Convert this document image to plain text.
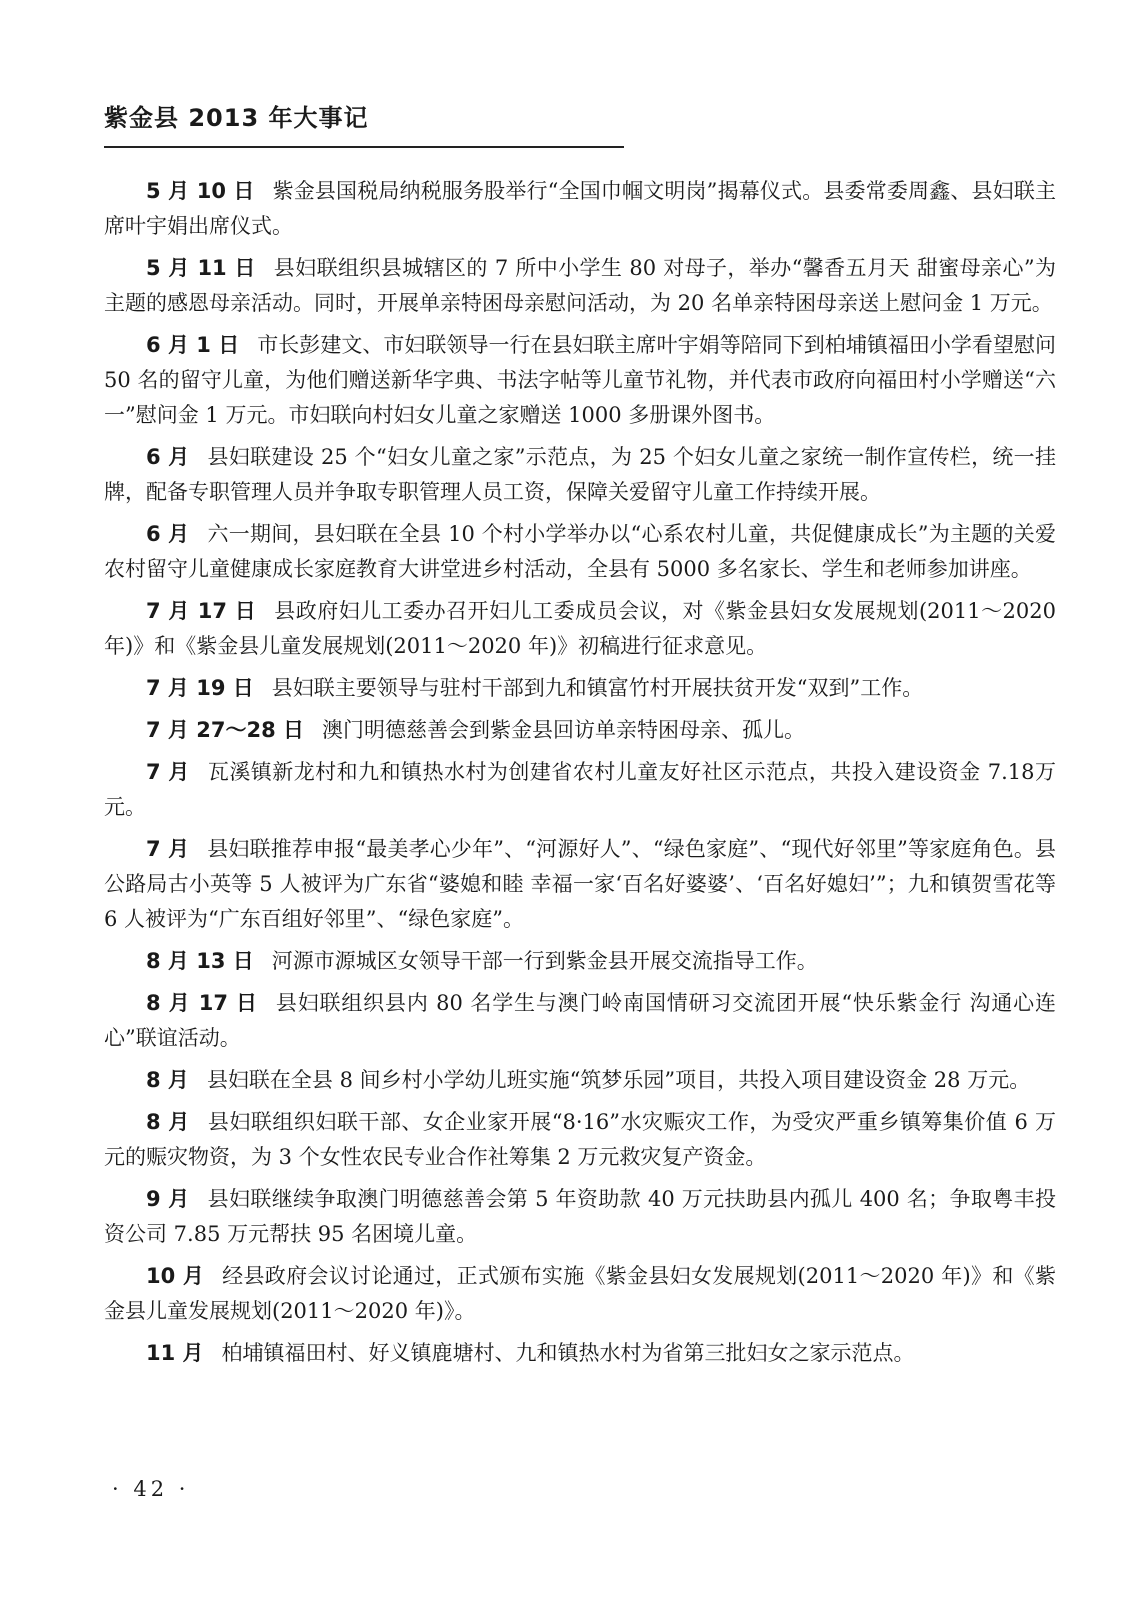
紫金县 2013 年大事记

5 月 10 日 紫金县国税局纳税服务股举行“全国巾帼文明岗”揭幕仪式。县委常委周鑫、县妇联主席叶宇娟出席仪式。

5 月 11 日 县妇联组织县城辖区的 7 所中小学生 80 对母子，举办“馨香五月天 甜蜜母亲心”为主题的感恩母亲活动。同时，开展单亲特困母亲慰问活动，为 20 名单亲特困母亲送上慰问金 1 万元。

6 月 1 日 市长彭建文、市妇联领导一行在县妇联主席叶宇娟等陪同下到柏埔镇福田小学看望慰问 50 名的留守儿童，为他们赠送新华字典、书法字帖等儿童节礼物，并代表市政府向福田村小学赠送“六一”慰问金 1 万元。市妇联向村妇女儿童之家赠送 1000 多册课外图书。

6 月 县妇联建设 25 个“妇女儿童之家”示范点，为 25 个妇女儿童之家统一制作宣传栏，统一挂牌，配备专职管理人员并争取专职管理人员工资，保障关爱留守儿童工作持续开展。

6 月 六一期间，县妇联在全县 10 个村小学举办以“心系农村儿童，共促健康成长”为主题的关爱农村留守儿童健康成长家庭教育大讲堂进乡村活动，全县有 5000 多名家长、学生和老师参加讲座。

7 月 17 日 县政府妇儿工委办召开妇儿工委成员会议，对《紫金县妇女发展规划(2011～2020 年)》和《紫金县儿童发展规划(2011～2020 年)》初稿进行征求意见。

7 月 19 日 县妇联主要领导与驻村干部到九和镇富竹村开展扶贫开发“双到”工作。

7 月 27～28 日 澳门明德慈善会到紫金县回访单亲特困母亲、孤儿。

7 月 瓦溪镇新龙村和九和镇热水村为创建省农村儿童友好社区示范点，共投入建设资金 7.18万元。

7 月 县妇联推荐申报“最美孝心少年”、“河源好人”、“绿色家庭”、“现代好邻里”等家庭角色。县公路局古小英等 5 人被评为广东省“婆媳和睦 幸福一家‘百名好婆婆’、‘百名好媳妇’”；九和镇贺雪花等 6 人被评为“广东百组好邻里”、“绿色家庭”。

8 月 13 日 河源市源城区女领导干部一行到紫金县开展交流指导工作。

8 月 17 日 县妇联组织县内 80 名学生与澳门岭南国情研习交流团开展“快乐紫金行 沟通心连心”联谊活动。

8 月 县妇联在全县 8 间乡村小学幼儿班实施“筑梦乐园”项目，共投入项目建设资金 28 万元。

8 月 县妇联组织妇联干部、女企业家开展“8·16”水灾赈灾工作，为受灾严重乡镇筹集价值 6 万元的赈灾物资，为 3 个女性农民专业合作社筹集 2 万元救灾复产资金。

9 月 县妇联继续争取澳门明德慈善会第 5 年资助款 40 万元扶助县内孤儿 400 名；争取粤丰投资公司 7.85 万元帮扶 95 名困境儿童。

10 月 经县政府会议讨论通过，正式颁布实施《紫金县妇女发展规划(2011～2020 年)》和《紫金县儿童发展规划(2011～2020 年)》。

11 月 柏埔镇福田村、好义镇鹿塘村、九和镇热水村为省第三批妇女之家示范点。

· 42 ·
